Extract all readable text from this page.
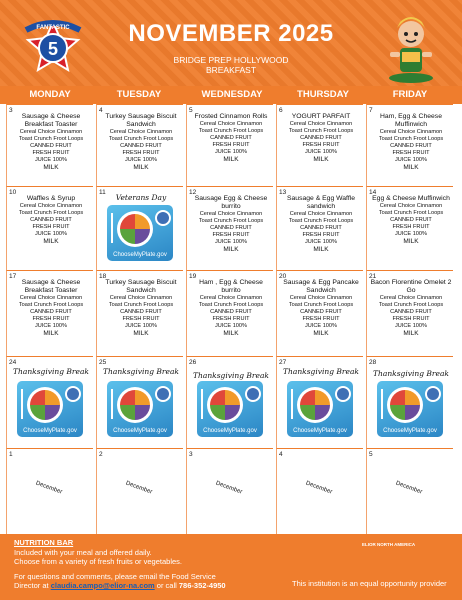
5
FANTASTIC	NOVEMBER 2025
BRIDGE PREP HOLLYWOOD
BREAKFAST
MONDAY	TUESDAY	WEDNESDAY	THURSDAY	FRIDAY
3
Sausage & Cheese Breakfast Toaster
Cereal Choice Cinnamon
Toast Crunch Froot Loops
CANNED FRUIT
FRESH FRUIT
JUICE 100%
MILK
4
Turkey Sausage Biscuit Sandwich
Cereal Choice Cinnamon
Toast Crunch Froot Loops
CANNED FRUIT
FRESH FRUIT
JUICE 100%
MILK
5
Frosted Cinnamon Rolls
Cereal Choice Cinnamon
Toast Crunch Froot Loops
CANNED FRUIT
FRESH FRUIT
JUICE 100%
MILK
6
YOGURT PARFAIT
Cereal Choice Cinnamon
Toast Crunch Froot Loops
CANNED FRUIT
FRESH FRUIT
JUICE 100%
MILK
7
Ham, Egg & Cheese Muffinwich
Cereal Choice Cinnamon
Toast Crunch Froot Loops
CANNED FRUIT
FRESH FRUIT
JUICE 100%
MILK
10
Waffles & Syrup
Cereal Choice Cinnamon
Toast Crunch Froot Loops
CANNED FRUIT
FRESH FRUIT
JUICE 100%
MILK
11
Veterans Day
ChooseMyPlate.gov
12
Sausage Egg & Cheese burrito
Cereal Choice Cinnamon
Toast Crunch Froot Loops
CANNED FRUIT
FRESH FRUIT
JUICE 100%
MILK
13
Sausage & Egg Waffle sandwich
Cereal Choice Cinnamon
Toast Crunch Froot Loops
CANNED FRUIT
FRESH FRUIT
JUICE 100%
MILK
14
Egg & Cheese Muffinwich
Cereal Choice Cinnamon
Toast Crunch Froot Loops
CANNED FRUIT
FRESH FRUIT
JUICE 100%
MILK
17
Sausage & Cheese Breakfast Toaster
Cereal Choice Cinnamon
Toast Crunch Froot Loops
CANNED FRUIT
FRESH FRUIT
JUICE 100%
MILK
18
Turkey Sausage Biscuit Sandwich
Cereal Choice Cinnamon
Toast Crunch Froot Loops
CANNED FRUIT
FRESH FRUIT
JUICE 100%
MILK
19
Ham , Egg & Cheese burrito
Cereal Choice Cinnamon
Toast Crunch Froot Loops
CANNED FRUIT
FRESH FRUIT
JUICE 100%
MILK
20
Sausage & Egg Pancake Sandwich
Cereal Choice Cinnamon
Toast Crunch Froot Loops
CANNED FRUIT
FRESH FRUIT
JUICE 100%
MILK
21
Bacon Florentine Omelet 2 Go
Cereal Choice Cinnamon
Toast Crunch Froot Loops
CANNED FRUIT
FRESH FRUIT
JUICE 100%
MILK
24
Thanksgiving Break
ChooseMyPlate.gov
25
Thanksgiving Break
ChooseMyPlate.gov
26
Thanksgiving Break
ChooseMyPlate.gov
27
Thanksgiving Break
ChooseMyPlate.gov
28
Thanksgiving Break
ChooseMyPlate.gov
1
December
2
December
3
December
4
December
5
December
NUTRITION BAR
Included with your meal and offered daily.
Choose from a variety of fresh fruits or vegetables.
For questions and comments, please email the Food Service
Director at claudia.campo@elior-na.com or call 786-352-4950
ELIOR NORTH AMERICA
This institution is an equal opportunity provider
